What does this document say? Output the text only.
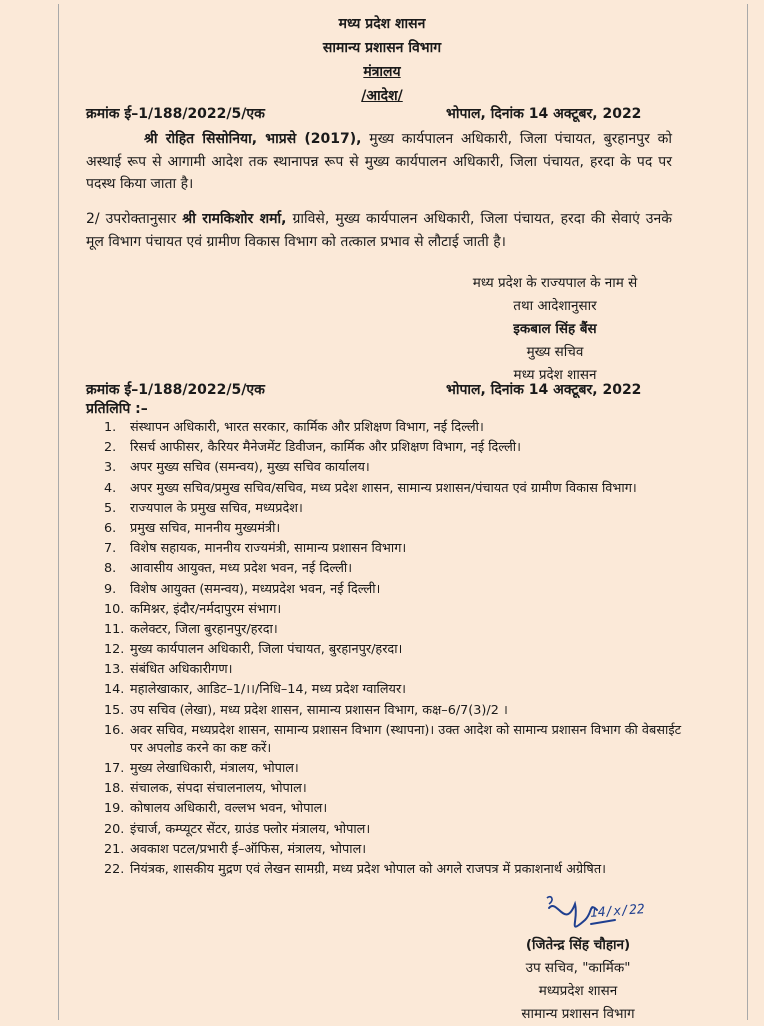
मध्य प्रदेश शासन
सामान्य प्रशासन विभाग
मंत्रालय
/आदेश/
क्रमांक ई–1/188/2022/5/एक	भोपाल, दिनांक 14 अक्टूबर, 2022
श्री रोहित सिसोनिया, भाप्रसे (2017), मुख्य कार्यपालन अधिकारी, जिला पंचायत, बुरहानपुर को अस्थाई रूप से आगामी आदेश तक स्थानापन्न रूप से मुख्य कार्यपालन अधिकारी, जिला पंचायत, हरदा के पद पर पदस्थ किया जाता है।
2/ उपरोक्तानुसार श्री रामकिशोर शर्मा, ग्राविसे, मुख्य कार्यपालन अधिकारी, जिला पंचायत, हरदा की सेवाएं उनके मूल विभाग पंचायत एवं ग्रामीण विकास विभाग को तत्काल प्रभाव से लौटाई जाती है।
मध्य प्रदेश के राज्यपाल के नाम से
तथा आदेशानुसार
इकबाल सिंह बैंस
मुख्य सचिव
मध्य प्रदेश शासन
क्रमांक ई–1/188/2022/5/एक	भोपाल, दिनांक 14 अक्टूबर, 2022
प्रतिलिपि :–
1.	संस्थापन अधिकारी, भारत सरकार, कार्मिक और प्रशिक्षण विभाग, नई दिल्ली।
2.	रिसर्च आफीसर, कैरियर मैनेजमेंट डिवीजन, कार्मिक और प्रशिक्षण विभाग, नई दिल्ली।
3.	अपर मुख्य सचिव (समन्वय), मुख्य सचिव कार्यालय।
4.	अपर मुख्य सचिव/प्रमुख सचिव/सचिव, मध्य प्रदेश शासन, सामान्य प्रशासन/पंचायत एवं ग्रामीण विकास विभाग।
5.	राज्यपाल के प्रमुख सचिव, मध्यप्रदेश।
6.	प्रमुख सचिव, माननीय मुख्यमंत्री।
7.	विशेष सहायक, माननीय राज्यमंत्री, सामान्य प्रशासन विभाग।
8.	आवासीय आयुक्त, मध्य प्रदेश भवन, नई दिल्ली।
9.	विशेष आयुक्त (समन्वय), मध्यप्रदेश भवन, नई दिल्ली।
10. कमिश्नर, इंदौर/नर्मदापुरम संभाग।
11. कलेक्टर, जिला बुरहानपुर/हरदा।
12. मुख्य कार्यपालन अधिकारी, जिला पंचायत, बुरहानपुर/हरदा।
13. संबंधित अधिकारीगण।
14. महालेखाकार, आडिट–1/।।/निधि–14, मध्य प्रदेश ग्वालियर।
15. उप सचिव (लेखा), मध्य प्रदेश शासन, सामान्य प्रशासन विभाग, कक्ष–6/7(3)/2 ।
16. अवर सचिव, मध्यप्रदेश शासन, सामान्य प्रशासन विभाग (स्थापना)। उक्त आदेश को सामान्य प्रशासन विभाग की वेबसाईट पर अपलोड करने का कष्ट करें।
17. मुख्य लेखाधिकारी, मंत्रालय, भोपाल।
18. संचालक, संपदा संचालनालय, भोपाल।
19. कोषालय अधिकारी, वल्लभ भवन, भोपाल।
20. इंचार्ज, कम्प्यूटर सेंटर, ग्राउंड फ्लोर मंत्रालय, भोपाल।
21. अवकाश पटल/प्रभारी ई–ऑफिस, मंत्रालय, भोपाल।
22. नियंत्रक, शासकीय मुद्रण एवं लेखन सामग्री, मध्य प्रदेश भोपाल को अगले राजपत्र में प्रकाशनार्थ अग्रेषित।
14/x/22
(जितेन्द्र सिंह चौहान)
उप सचिव, "कार्मिक"
मध्यप्रदेश शासन
सामान्य प्रशासन विभाग
